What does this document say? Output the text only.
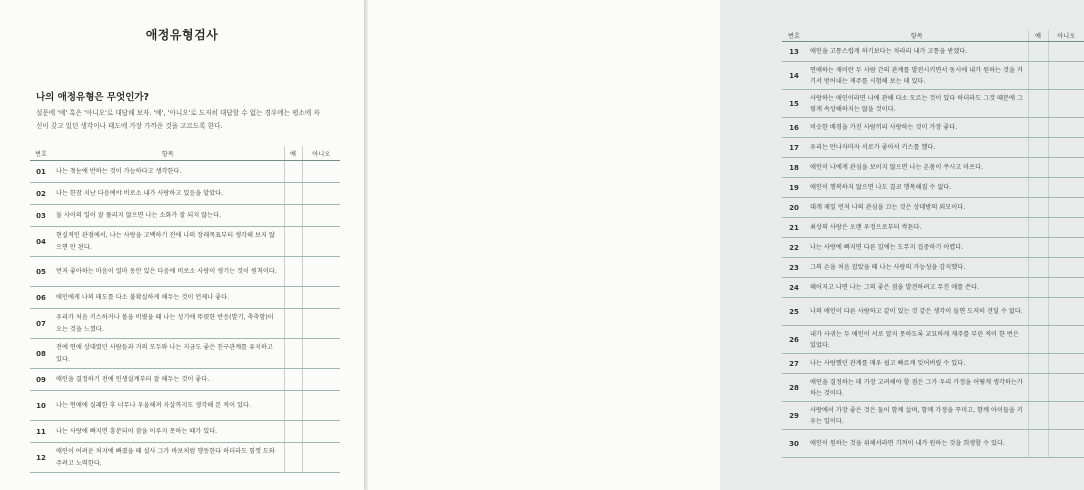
애정유형검사
나의 애정유형은 무엇인가?
설문에 '예' 혹은 '아니오'로 대답해 보자. '예', '아니오'로 도저히 대답할 수 없는 경우에는 평소에 자신이 갖고 있던 생각이나 태도에 가장 가까운 것을 고르도록 한다.
번호	항목	예	아니오
01	나는 첫눈에 반하는 것이 가능하다고 생각한다.		
02	나는 한참 지난 다음에야 비로소 내가 사랑하고 있음을 알았다.		
03	둘 사이의 일이 잘 풀리지 않으면 나는 소화가 잘 되지 않는다.		
04	현실적인 관점에서, 나는 사랑을 고백하기 전에 나의 장래목표부터 생각해 보지 않으면 안 된다.		
05	먼저 좋아하는 마음이 얼마 동안 있은 다음에 비로소 사랑이 생기는 것이 원칙이다.		
06	애인에게 나의 태도를 다소 불확실하게 해두는 것이 언제나 좋다.		
07	우리가 처음 키스하거나 볼을 비볐을 때 나는 성기에 뚜렷한 반응(발기, 축축함)이 오는 것을 느꼈다.		
08	전에 연애 상대였던 사람들과 거의 모두와 나는 지금도 좋은 친구관계를 유지하고 있다.		
09	애인을 결정하기 전에 인생설계부터 잘 해두는 것이 좋다.		
10	나는 연애에 실패한 후 너무나 우울해져 자살까지도 생각해 본 적이 있다.		
11	나는 사랑에 빠지면 흥분되어 잠을 이루지 못하는 때가 있다.		
12	애인이 어려운 처지에 빠졌을 때 설사 그가 바보처럼 행동한다 하더라도 힘껏 도와주려고 노력한다.		
번호	항목	예	아니오
13	애인을 고통스럽게 하기보다는 차라리 내가 고통을 받겠다.		
14	연애하는 재미란 두 사람 간의 관계를 발전시키면서 동시에 내가 원하는 것을 거기서 얻어내는 재주를 시험해 보는 데 있다.		
15	사랑하는 애인이라면 나에 관해 다소 모르는 것이 있다 하더라도 그것 때문에 그렇게 속상해하지는 않을 것이다.		
16	비슷한 배경을 가진 사람끼리 사랑하는 것이 가장 좋다.		
17	우리는 만나자마자 서로가 좋아서 키스를 했다.		
18	애인이 나에게 관심을 보이지 않으면 나는 온몸이 쑤시고 아프다.		
19	애인이 행복하지 않으면 나도 결코 행복해질 수 없다.		
20	대개 제일 먼저 나의 관심을 끄는 것은 상대방의 외모이다.		
21	최상의 사랑은 오랜 우정으로부터 싹튼다.		
22	나는 사랑에 빠지면 다른 일에는 도무지 집중하기 어렵다.		
23	그의 손을 처음 잡았을 때 나는 사랑의 가능성을 감지했다.		
24	헤어지고 나면 나는 그의 좋은 점을 발견하려고 무진 애를 쓴다.		
25	나의 애인이 다른 사람하고 같이 있는 것 같은 생각이 들면 도저히 견딜 수 없다.		
26	내가 사귀는 두 애인이 서로 알지 못하도록 교묘하게 재주를 부린 적이 한 번은 있었다.		
27	나는 사랑했던 관계를 매우 쉽고 빠르게 잊어버릴 수 있다.		
28	애인을 결정하는 데 가장 고려해야 할 점은 그가 우리 가정을 어떻게 생각하는가 하는 것이다.		
29	사랑에서 가장 좋은 것은 둘이 함께 살며, 함께 가정을 꾸미고, 함께 아이들을 키우는 일이다.		
30	애인이 원하는 것을 위해서라면 기꺼이 내가 원하는 것을 희생할 수 있다.		
